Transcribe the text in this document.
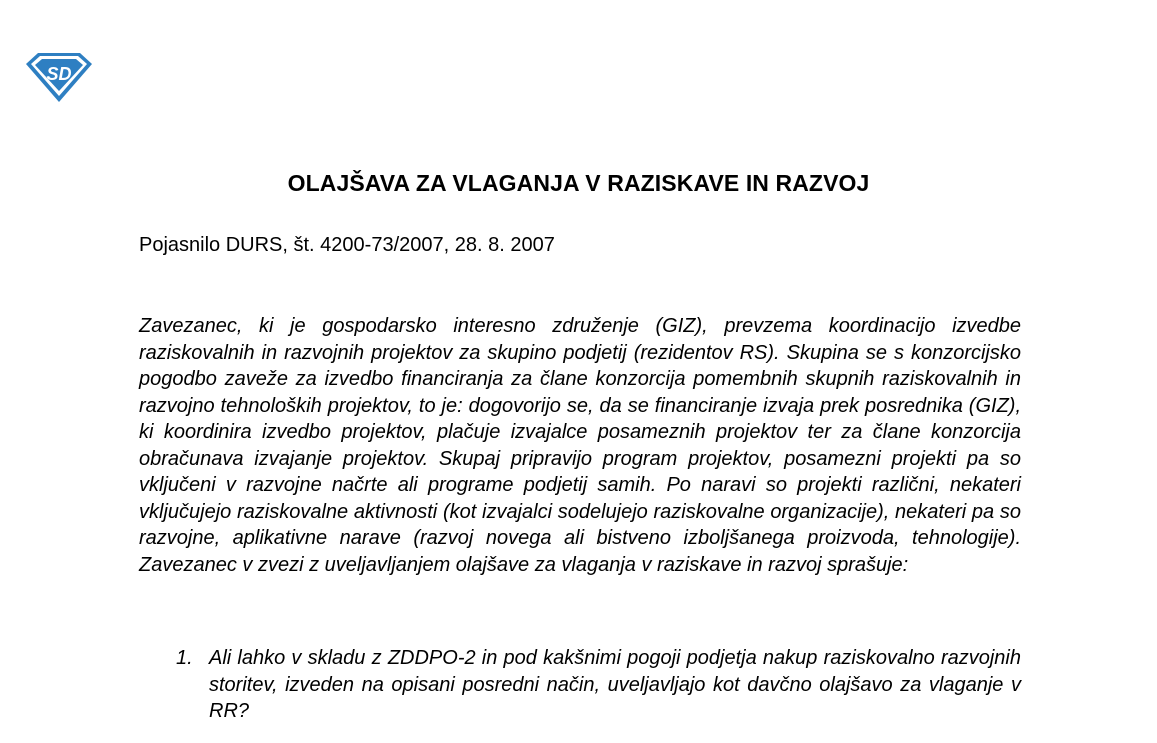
SD
OLAJŠAVA ZA VLAGANJA V RAZISKAVE IN RAZVOJ

Pojasnilo DURS, št. 4200-73/2007, 28. 8. 2007

Zavezanec, ki je gospodarsko interesno združenje (GIZ), prevzema koordinacijo izvedbe raziskovalnih in razvojnih projektov za skupino podjetij (rezidentov RS). Skupina se s konzorcijsko pogodbo zaveže za izvedbo financiranja za člane konzorcija pomembnih skupnih raziskovalnih in razvojno tehnoloških projektov, to je: dogovorijo se, da se financiranje izvaja prek posrednika (GIZ), ki koordinira izvedbo projektov, plačuje izvajalce posameznih projektov ter za člane konzorcija obračunava izvajanje projektov. Skupaj pripravijo program projektov, posamezni projekti pa so vključeni v razvojne načrte ali programe podjetij samih. Po naravi so projekti različni, nekateri vključujejo raziskovalne aktivnosti (kot izvajalci sodelujejo raziskovalne organizacije), nekateri pa so razvojne, aplikativne narave (razvoj novega ali bistveno izboljšanega proizvoda, tehnologije). Zavezanec v zvezi z uveljavljanjem olajšave za vlaganja v raziskave in razvoj sprašuje:

1. Ali lahko v skladu z ZDDPO-2 in pod kakšnimi pogoji podjetja nakup raziskovalno razvojnih storitev, izveden na opisani posredni način, uveljavljajo kot davčno olajšavo za vlaganje v RR?
